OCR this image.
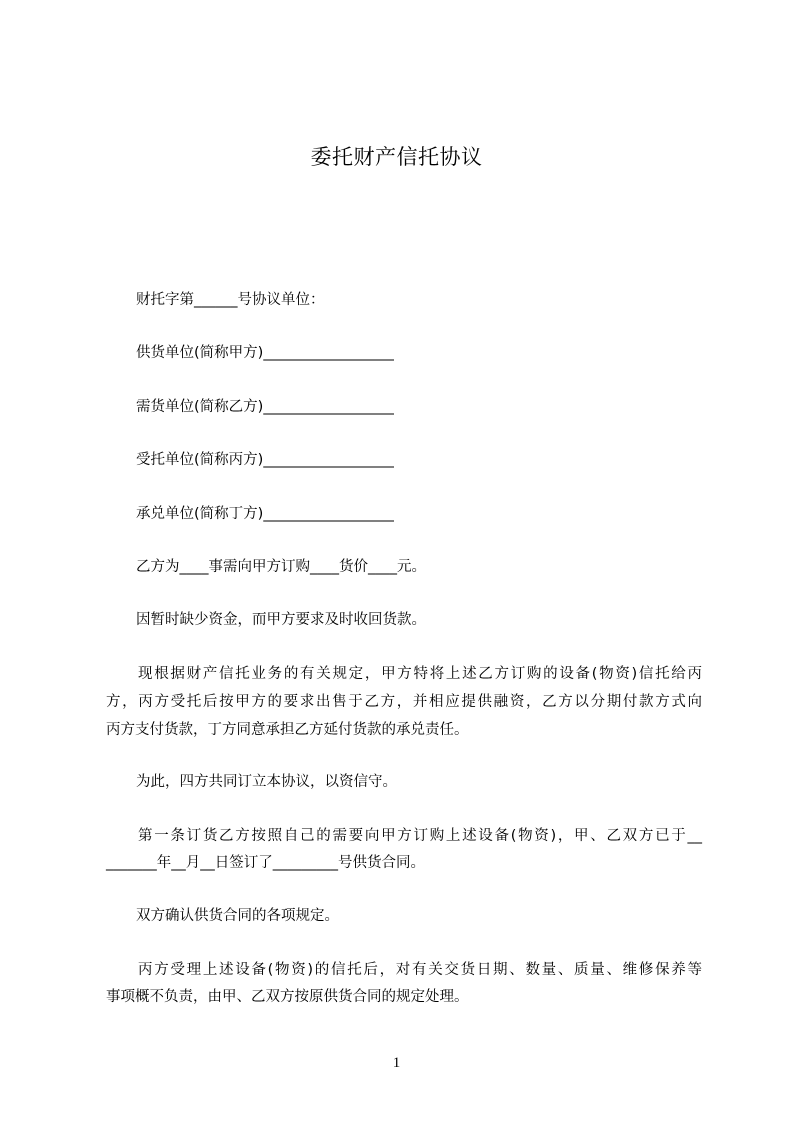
委托财产信托协议
财托字第______号协议单位：
供货单位(简称甲方)__________________
需货单位(简称乙方)__________________
受托单位(简称丙方)__________________
承兑单位(简称丁方)__________________
乙方为____事需向甲方订购____货价____元。
因暂时缺少资金，而甲方要求及时收回货款。
现根据财产信托业务的有关规定，甲方特将上述乙方订购的设备(物资)信托给丙
方，丙方受托后按甲方的要求出售于乙方，并相应提供融资，乙方以分期付款方式向
丙方支付货款，丁方同意承担乙方延付货款的承兑责任。
为此，四方共同订立本协议，以资信守。
第一条订货乙方按照自己的需要向甲方订购上述设备(物资)，甲、乙双方已于__
_______年__月__日签订了_________号供货合同。
双方确认供货合同的各项规定。
丙方受理上述设备(物资)的信托后，对有关交货日期、数量、质量、维修保养等
事项概不负责，由甲、乙双方按原供货合同的规定处理。
1
